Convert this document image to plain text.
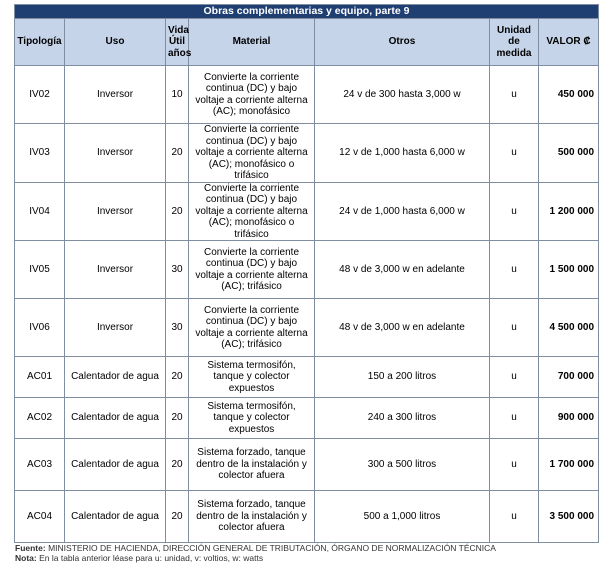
Obras complementarias y equipo, parte 9						
Tipología	Uso	Vida Útil años	Material	Otros	Unidad de medida	VALOR ₡
IV02	Inversor	10	Convierte la corriente continua (DC) y bajo voltaje a corriente alterna (AC); monofásico	24 v de 300 hasta 3,000 w	u	450 000
IV03	Inversor	20	Convierte la corriente continua (DC) y bajo voltaje a corriente alterna (AC); monofásico o trifásico	12 v de 1,000 hasta 6,000 w	u	500 000
IV04	Inversor	20	Convierte la corriente continua (DC) y bajo voltaje a corriente alterna (AC); monofásico o trifásico	24 v de 1,000 hasta 6,000 w	u	1 200 000
IV05	Inversor	30	Convierte la corriente continua (DC) y bajo voltaje a corriente alterna (AC); trifásico	48 v de 3,000 w en adelante	u	1 500 000
IV06	Inversor	30	Convierte la corriente continua (DC) y bajo voltaje a corriente alterna (AC); trifásico	48 v de 3,000 w en adelante	u	4 500 000
AC01	Calentador de agua	20	Sistema termosifón, tanque y colector expuestos	150 a 200 litros	u	700 000
AC02	Calentador de agua	20	Sistema termosifón, tanque y colector expuestos	240 a 300 litros	u	900 000
AC03	Calentador de agua	20	Sistema forzado, tanque dentro de la instalación y colector afuera	300 a 500 litros	u	1 700 000
AC04	Calentador de agua	20	Sistema forzado, tanque dentro de la instalación y colector afuera	500 a 1,000 litros	u	3 500 000
Fuente: MINISTERIO DE HACIENDA, DIRECCIÓN GENERAL DE TRIBUTACIÓN, ÓRGANO DE NORMALIZACIÓN TÉCNICA
Nota: En la tabla anterior léase para u: unidad, v: voltios, w: watts
